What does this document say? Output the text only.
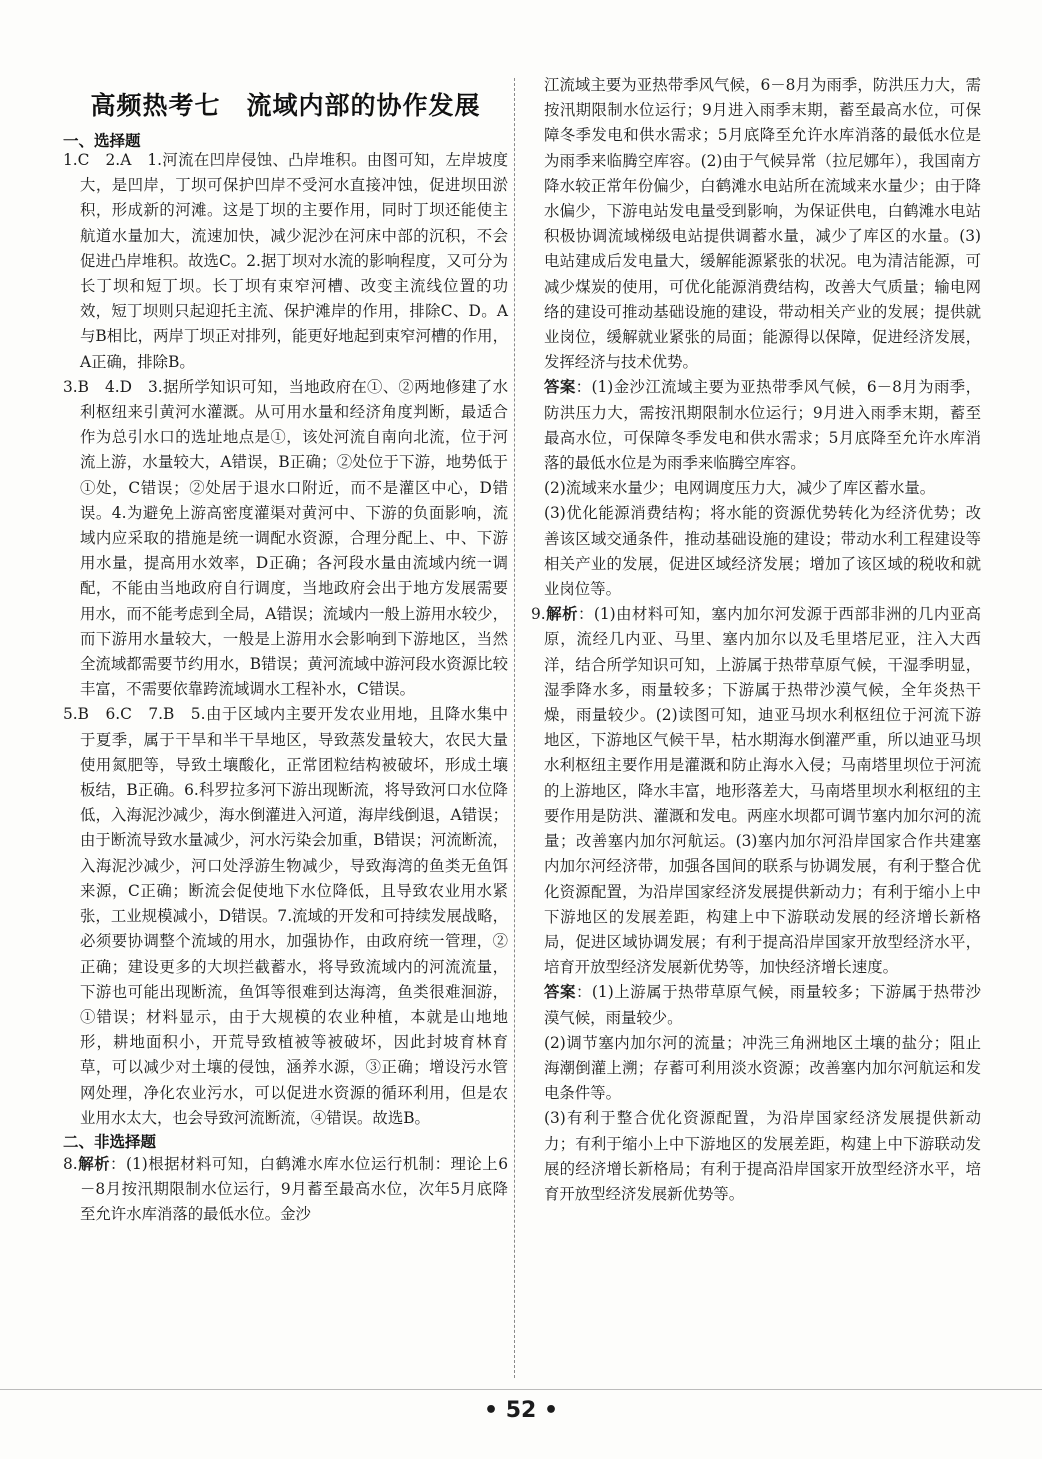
高频热考七　流域内部的协作发展
一、选择题
1.C　2.A　1.河流在凹岸侵蚀、凸岸堆积。由图可知，左岸坡度大，是凹岸，丁坝可保护凹岸不受河水直接冲蚀，促进坝田淤积，形成新的河滩。这是丁坝的主要作用，同时丁坝还能使主航道水量加大，流速加快，减少泥沙在河床中部的沉积，不会促进凸岸堆积。故选C。2.据丁坝对水流的影响程度，又可分为长丁坝和短丁坝。长丁坝有束窄河槽、改变主流线位置的功效，短丁坝则只起迎托主流、保护滩岸的作用，排除C、D。A与B相比，两岸丁坝正对排列，能更好地起到束窄河槽的作用，A正确，排除B。
3.B　4.D　3.据所学知识可知，当地政府在①、②两地修建了水利枢纽来引黄河水灌溉。从可用水量和经济角度判断，最适合作为总引水口的选址地点是①，该处河流自南向北流，位于河流上游，水量较大，A错误，B正确；②处位于下游，地势低于①处，C错误；②处居于退水口附近，而不是灌区中心，D错误。4.为避免上游高密度灌渠对黄河中、下游的负面影响，流域内应采取的措施是统一调配水资源，合理分配上、中、下游用水量，提高用水效率，D正确；各河段水量由流域内统一调配，不能由当地政府自行调度，当地政府会出于地方发展需要用水，而不能考虑到全局，A错误；流域内一般上游用水较少，而下游用水量较大，一般是上游用水会影响到下游地区，当然全流域都需要节约用水，B错误；黄河流域中游河段水资源比较丰富，不需要依靠跨流域调水工程补水，C错误。
5.B　6.C　7.B　5.由于区域内主要开发农业用地，且降水集中于夏季，属于干旱和半干旱地区，导致蒸发量较大，农民大量使用氮肥等，导致土壤酸化，正常团粒结构被破坏，形成土壤板结，B正确。6.科罗拉多河下游出现断流，将导致河口水位降低，入海泥沙减少，海水倒灌进入河道，海岸线倒退，A错误；由于断流导致水量减少，河水污染会加重，B错误；河流断流，入海泥沙减少，河口处浮游生物减少，导致海湾的鱼类无鱼饵来源，C正确；断流会促使地下水位降低，且导致农业用水紧张，工业规模减小，D错误。7.流域的开发和可持续发展战略，必须要协调整个流域的用水，加强协作，由政府统一管理，②正确；建设更多的大坝拦截蓄水，将导致流域内的河流流量，下游也可能出现断流，鱼饵等很难到达海湾，鱼类很难洄游，①错误；材料显示，由于大规模的农业种植，本就是山地地形，耕地面积小，开荒导致植被等被破坏，因此封坡育林育草，可以减少对土壤的侵蚀，涵养水源，③正确；增设污水管网处理，净化农业污水，可以促进水资源的循环利用，但是农业用水太大，也会导致河流断流，④错误。故选B。
二、非选择题
8.解析：(1)根据材料可知，白鹤滩水库水位运行机制：理论上6－8月按汛期限制水位运行，9月蓄至最高水位，次年5月底降至允许水库消落的最低水位。金沙
江流域主要为亚热带季风气候，6－8月为雨季，防洪压力大，需按汛期限制水位运行；9月进入雨季末期，蓄至最高水位，可保障冬季发电和供水需求；5月底降至允许水库消落的最低水位是为雨季来临腾空库容。(2)由于气候异常（拉尼娜年），我国南方降水较正常年份偏少，白鹤滩水电站所在流域来水量少；由于降水偏少，下游电站发电量受到影响，为保证供电，白鹤滩水电站积极协调流域梯级电站提供调蓄水量，减少了库区的水量。(3)电站建成后发电量大，缓解能源紧张的状况。电为清洁能源，可减少煤炭的使用，可优化能源消费结构，改善大气质量；输电网络的建设可推动基础设施的建设，带动相关产业的发展；提供就业岗位，缓解就业紧张的局面；能源得以保障，促进经济发展，发挥经济与技术优势。
答案：(1)金沙江流域主要为亚热带季风气候，6－8月为雨季，防洪压力大，需按汛期限制水位运行；9月进入雨季末期，蓄至最高水位，可保障冬季发电和供水需求；5月底降至允许水库消落的最低水位是为雨季来临腾空库容。
(2)流域来水量少；电网调度压力大，减少了库区蓄水量。
(3)优化能源消费结构；将水能的资源优势转化为经济优势；改善该区域交通条件，推动基础设施的建设；带动水利工程建设等相关产业的发展，促进区域经济发展；增加了该区域的税收和就业岗位等。
9.解析：(1)由材料可知，塞内加尔河发源于西部非洲的几内亚高原，流经几内亚、马里、塞内加尔以及毛里塔尼亚，注入大西洋，结合所学知识可知，上游属于热带草原气候，干湿季明显，湿季降水多，雨量较多；下游属于热带沙漠气候，全年炎热干燥，雨量较少。(2)读图可知，迪亚马坝水利枢纽位于河流下游地区，下游地区气候干旱，枯水期海水倒灌严重，所以迪亚马坝水利枢纽主要作用是灌溉和防止海水入侵；马南塔里坝位于河流的上游地区，降水丰富，地形落差大，马南塔里坝水利枢纽的主要作用是防洪、灌溉和发电。两座水坝都可调节塞内加尔河的流量；改善塞内加尔河航运。(3)塞内加尔河沿岸国家合作共建塞内加尔河经济带，加强各国间的联系与协调发展，有利于整合优化资源配置，为沿岸国家经济发展提供新动力；有利于缩小上中下游地区的发展差距，构建上中下游联动发展的经济增长新格局，促进区域协调发展；有利于提高沿岸国家开放型经济水平，培育开放型经济发展新优势等，加快经济增长速度。
答案：(1)上游属于热带草原气候，雨量较多；下游属于热带沙漠气候，雨量较少。
(2)调节塞内加尔河的流量；冲洗三角洲地区土壤的盐分；阻止海潮倒灌上溯；存蓄可利用淡水资源；改善塞内加尔河航运和发电条件等。
(3)有利于整合优化资源配置，为沿岸国家经济发展提供新动力；有利于缩小上中下游地区的发展差距，构建上中下游联动发展的经济增长新格局；有利于提高沿岸国家开放型经济水平，培育开放型经济发展新优势等。
• 52 •
